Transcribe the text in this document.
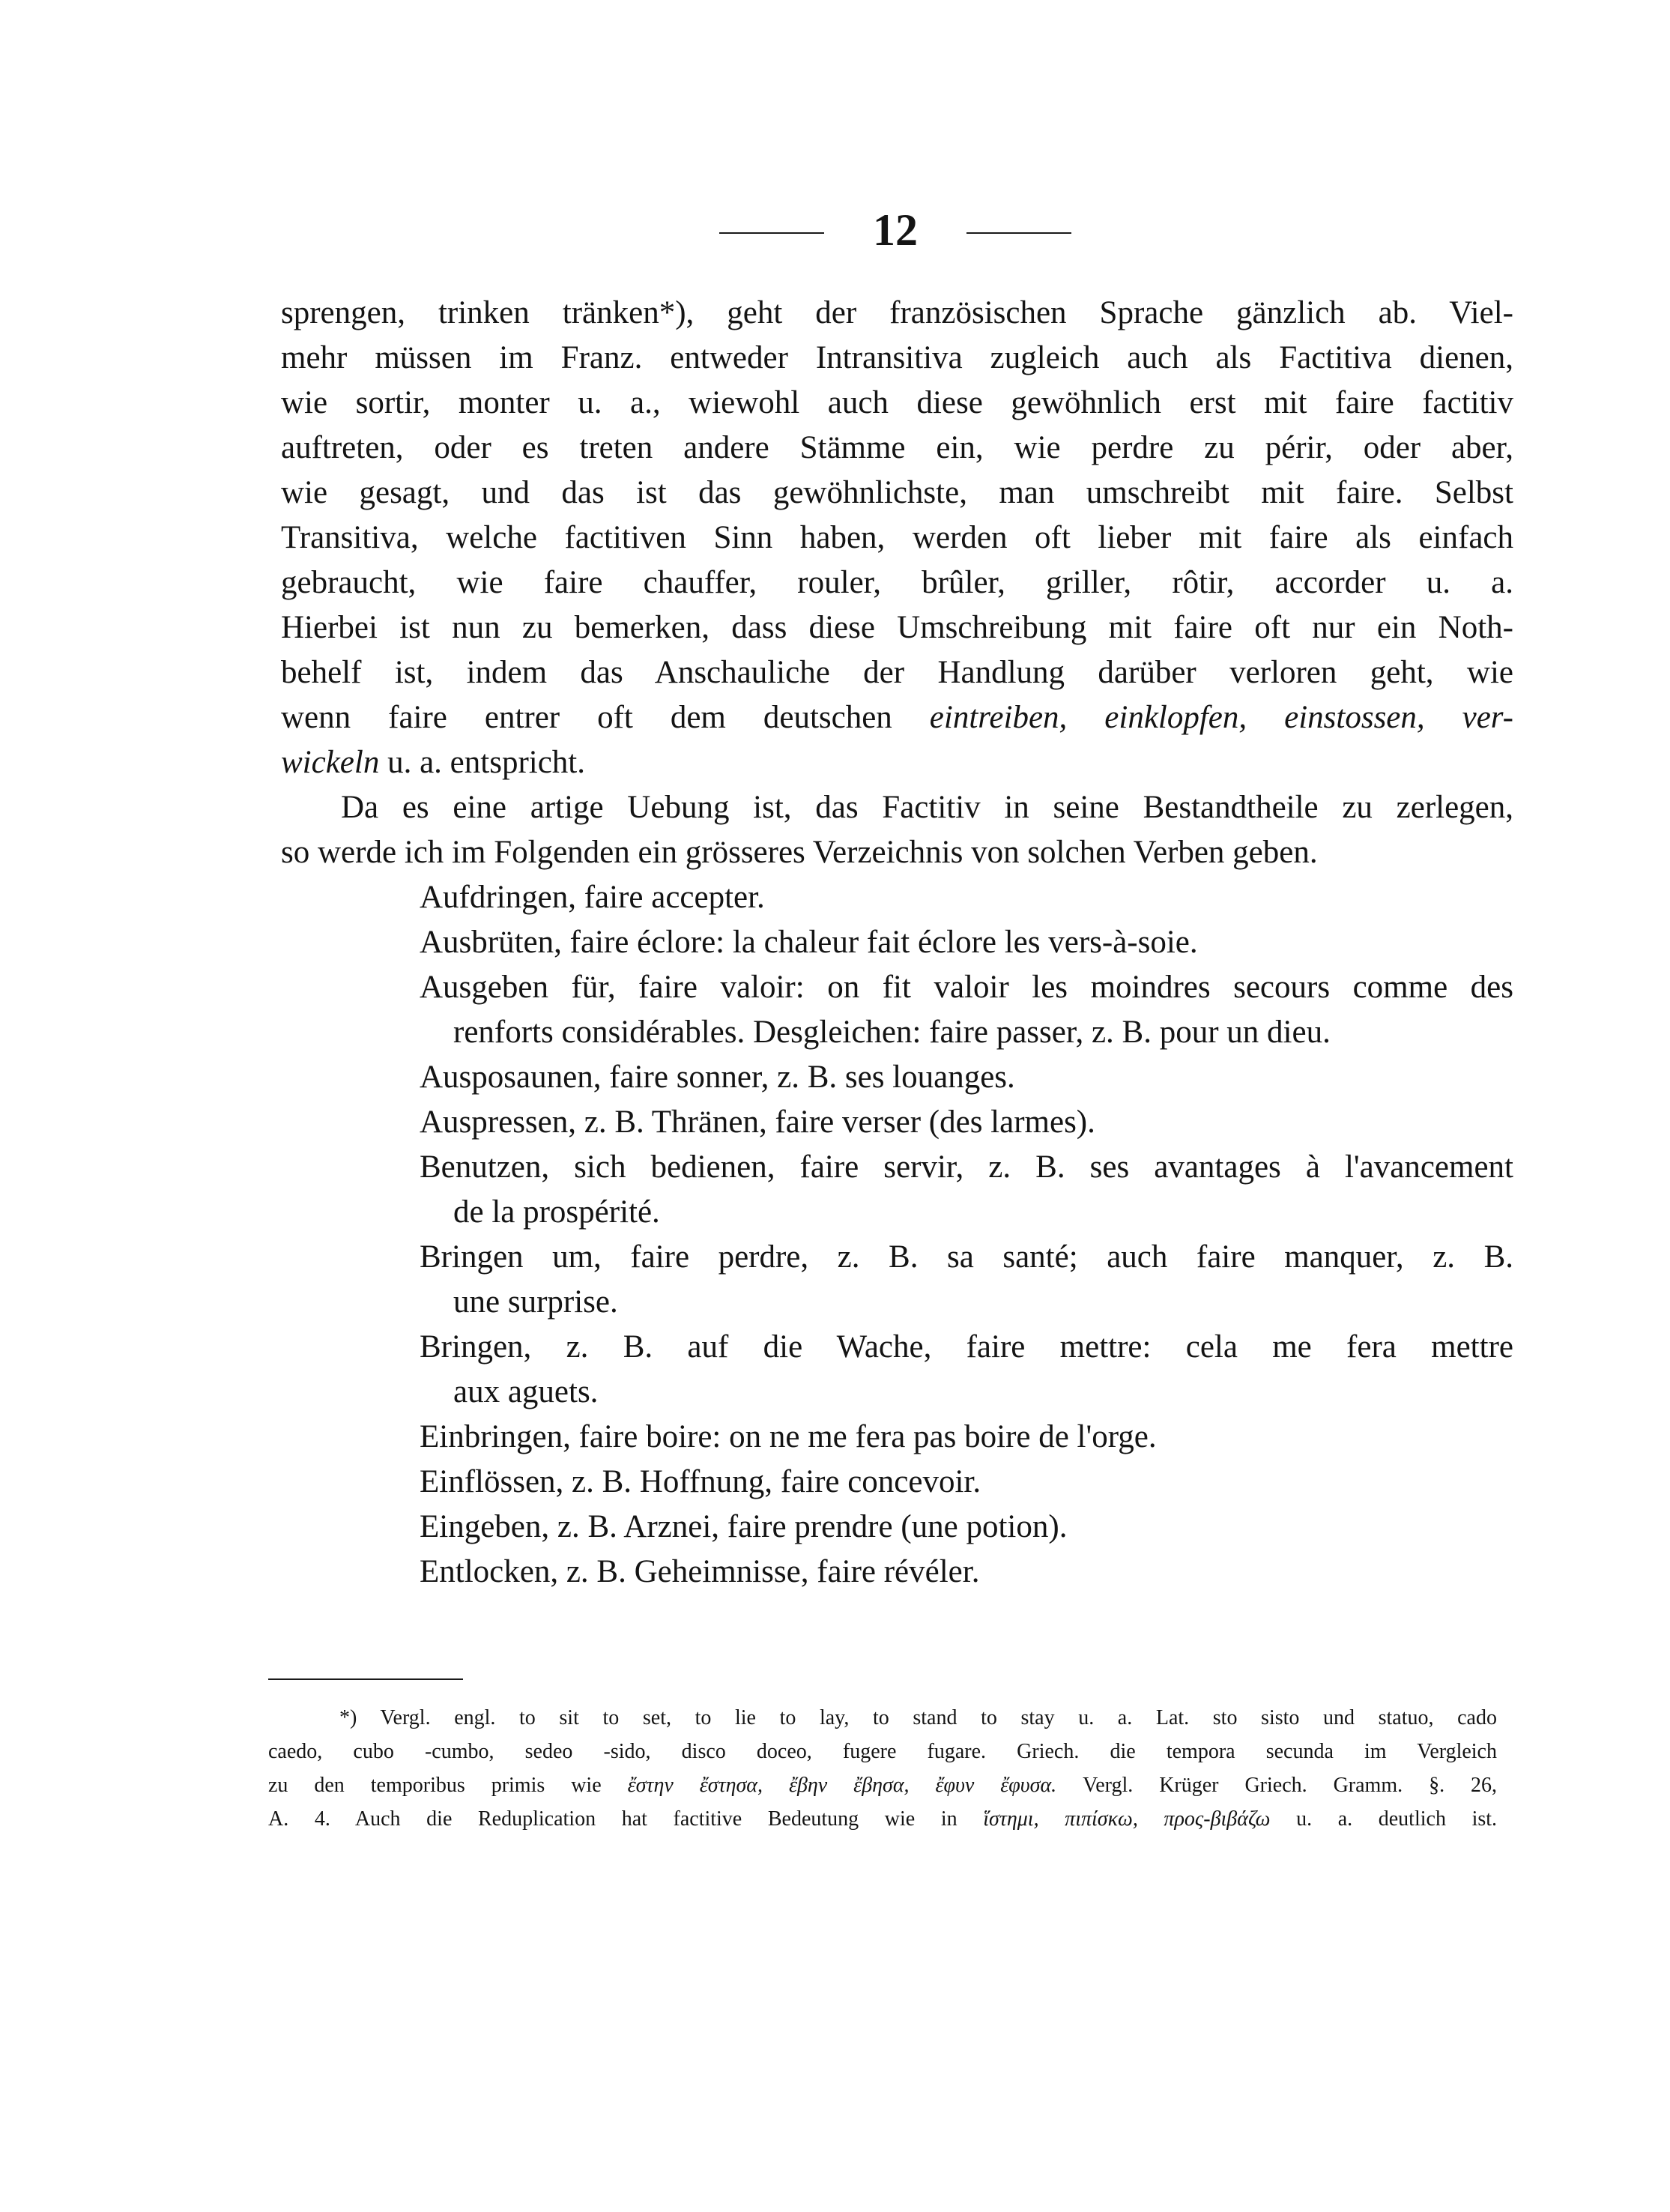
12
sprengen, trinken tränken*), geht der französischen Sprache gänzlich ab. Viel-
mehr müssen im Franz. entweder Intransitiva zugleich auch als Factitiva dienen,
wie sortir, monter u. a., wiewohl auch diese gewöhnlich erst mit faire factitiv
auftreten, oder es treten andere Stämme ein, wie perdre zu périr, oder aber,
wie gesagt, und das ist das gewöhnlichste, man umschreibt mit faire. Selbst
Transitiva, welche factitiven Sinn haben, werden oft lieber mit faire als einfach
gebraucht, wie faire chauffer, rouler, brûler, griller, rôtir, accorder u. a.
Hierbei ist nun zu bemerken, dass diese Umschreibung mit faire oft nur ein Noth-
behelf ist, indem das Anschauliche der Handlung darüber verloren geht, wie
wenn faire entrer oft dem deutschen eintreiben, einklopfen, einstossen, ver-
wickeln u. a. entspricht.
Da es eine artige Uebung ist, das Factitiv in seine Bestandtheile zu zerlegen,
so werde ich im Folgenden ein grösseres Verzeichnis von solchen Verben geben.
Aufdringen, faire accepter.
Ausbrüten, faire éclore: la chaleur fait éclore les vers-à-soie.
Ausgeben für, faire valoir: on fit valoir les moindres secours comme des
renforts considérables. Desgleichen: faire passer, z. B. pour un dieu.
Ausposaunen, faire sonner, z. B. ses louanges.
Auspressen, z. B. Thränen, faire verser (des larmes).
Benutzen, sich bedienen, faire servir, z. B. ses avantages à l'avancement
de la prospérité.
Bringen um, faire perdre, z. B. sa santé; auch faire manquer, z. B.
une surprise.
Bringen, z. B. auf die Wache, faire mettre: cela me fera mettre
aux aguets.
Einbringen, faire boire: on ne me fera pas boire de l'orge.
Einflössen, z. B. Hoffnung, faire concevoir.
Eingeben, z. B. Arznei, faire prendre (une potion).
Entlocken, z. B. Geheimnisse, faire révéler.
*) Vergl. engl. to sit to set, to lie to lay, to stand to stay u. a. Lat. sto sisto und statuo, cado
caedo, cubo -cumbo, sedeo -sido, disco doceo, fugere fugare. Griech. die tempora secunda im Vergleich
zu den temporibus primis wie ἔστην ἔστησα, ἔβην ἔβησα, ἔφυν ἔφυσα. Vergl. Krüger Griech. Gramm. §. 26,
A. 4. Auch die Reduplication hat factitive Bedeutung wie in ἵστημι, πιπίσκω, προς-βιβάζω u. a. deutlich ist.
